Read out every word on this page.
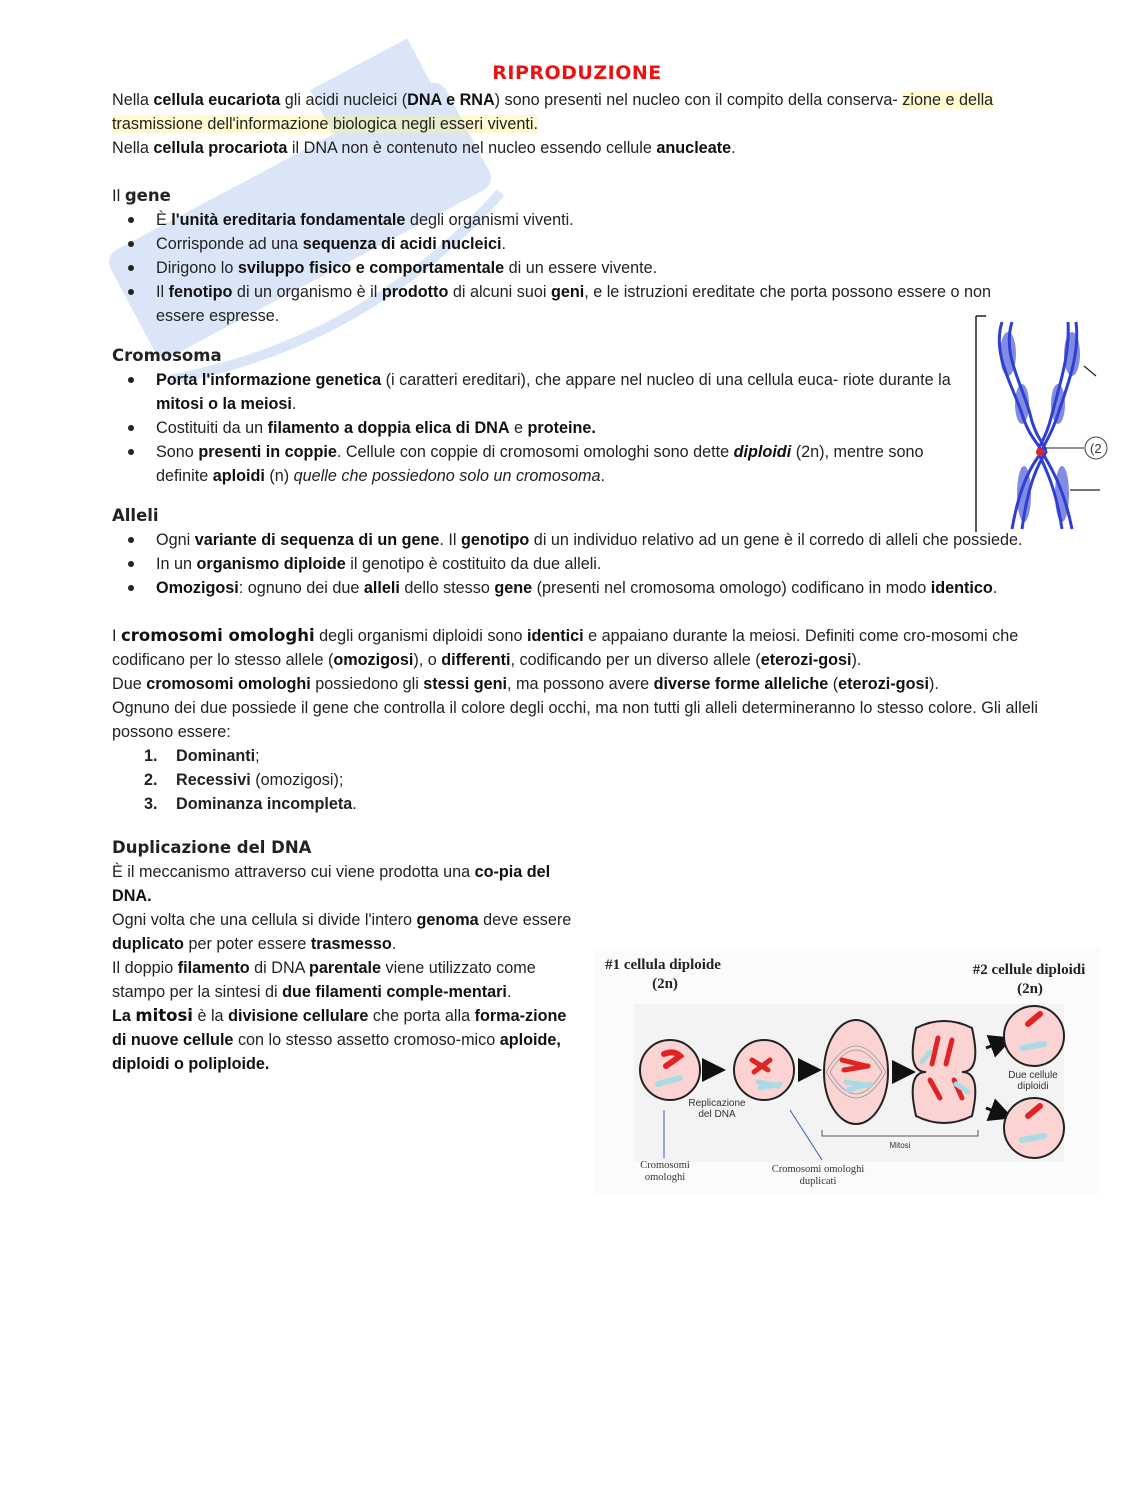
RIPRODUZIONE

Nella cellula eucariota gli acidi nucleici (DNA e RNA) sono presenti nel nucleo con il compito della conserva- zione e della trasmissione dell'informazione biologica negli esseri viventi.

Nella cellula procariota il DNA non è contenuto nel nucleo essendo cellule anucleate.

Il gene

È l'unità ereditaria fondamentale degli organismi viventi.
Corrisponde ad una sequenza di acidi nucleici.
Dirigono lo sviluppo fisico e comportamentale di un essere vivente.
Il fenotipo di un organismo è il prodotto di alcuni suoi geni, e le istruzioni ereditate che porta possono essere o non essere espresse.

Cromosoma

Porta l'informazione genetica (i caratteri ereditari), che appare nel nucleo di una cellula euca- riote durante la mitosi o la meiosi.
Costituiti da un filamento a doppia elica di DNA e proteine.
Sono presenti in coppie. Cellule con coppie di cromosomi omologhi sono dette diploidi (2n), mentre sono definite aploidi (n) quelle che possiedono solo un cromosoma.

Alleli

Ogni variante di sequenza di un gene. Il genotipo di un individuo relativo ad un gene è il corredo di alleli che possiede.
In un organismo diploide il genotipo è costituito da due alleli.
Omozigosi: ognuno dei due alleli dello stesso gene (presenti nel cromosoma omologo) codificano in modo identico.

I cromosomi omologhi degli organismi diploidi sono identici e appaiano durante la meiosi. Definiti come cro-mosomi che codificano per lo stesso allele (omozigosi), o differenti, codificando per un diverso allele (eterozi-gosi).

Due cromosomi omologhi possiedono gli stessi geni, ma possono avere diverse forme alleliche (eterozi-gosi).

Ognuno dei due possiede il gene che controlla il colore degli occhi, ma non tutti gli alleli determineranno lo stesso colore. Gli alleli possono essere:

1. Dominanti;
2. Recessivi (omozigosi);
3. Dominanza incompleta.

Duplicazione del DNA

È il meccanismo attraverso cui viene prodotta una co-pia del DNA.

Ogni volta che una cellula si divide l'intero genoma deve essere duplicato per poter essere trasmesso.

Il doppio filamento di DNA parentale viene utilizzato come stampo per la sintesi di due filamenti comple-mentari.

La mitosi è la divisione cellulare che porta alla forma-zione di nuove cellule con lo stesso assetto cromoso-mico aploide, diploidi o poliploide.

(2
#1 cellula diploide
(2n)
#2 cellule diploidi
(2n)
Replicazione del DNA
Due cellule diploidi
Mitosi
Cromosomi omologhi
Cromosomi omologhi duplicati
